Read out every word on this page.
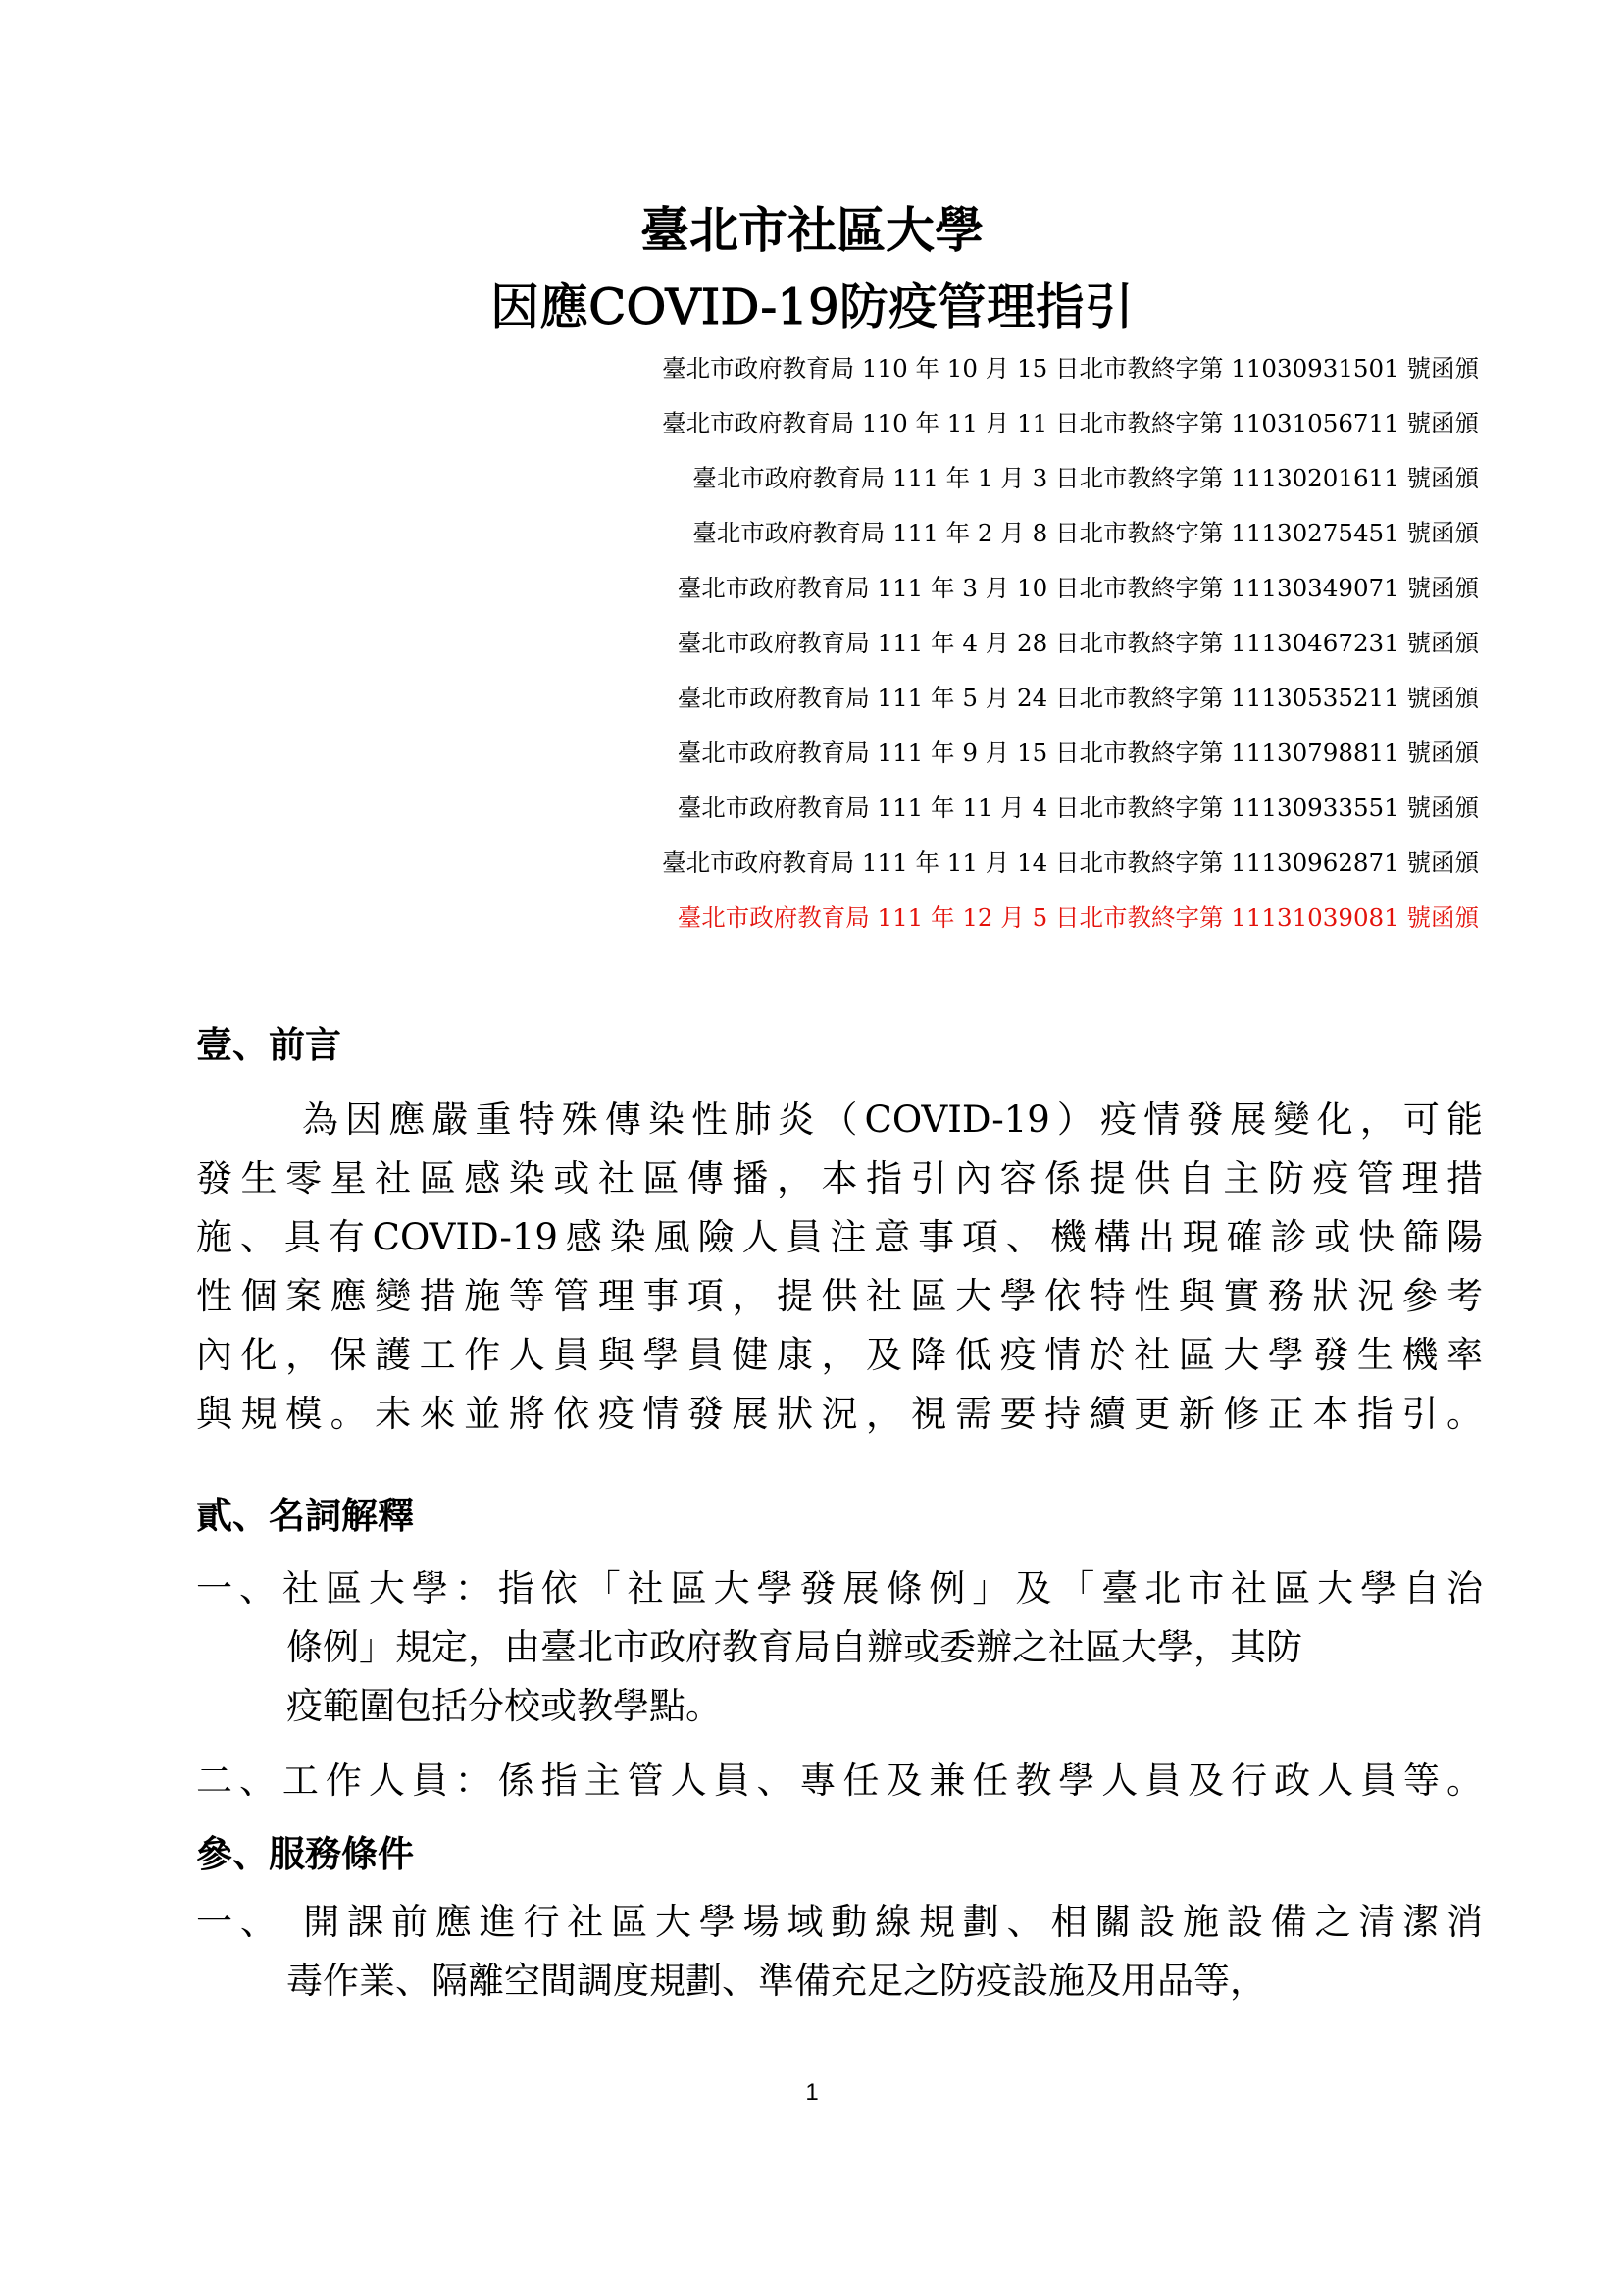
臺北市社區大學
因應COVID-19防疫管理指引
臺北市政府教育局 110 年 10 月 15 日北市教終字第 11030931501 號函頒
臺北市政府教育局 110 年 11 月 11 日北市教終字第 11031056711 號函頒
臺北市政府教育局 111 年 1 月 3 日北市教終字第 11130201611 號函頒
臺北市政府教育局 111 年 2 月 8 日北市教終字第 11130275451 號函頒
臺北市政府教育局 111 年 3 月 10 日北市教終字第 11130349071 號函頒
臺北市政府教育局 111 年 4 月 28 日北市教終字第 11130467231 號函頒
臺北市政府教育局 111 年 5 月 24 日北市教終字第 11130535211 號函頒
臺北市政府教育局 111 年 9 月 15 日北市教終字第 11130798811 號函頒
臺北市政府教育局 111 年 11 月 4 日北市教終字第 11130933551 號函頒
臺北市政府教育局 111 年 11 月 14 日北市教終字第 11130962871 號函頒
臺北市政府教育局 111 年 12 月 5 日北市教終字第 11131039081 號函頒
壹、前言
為因應嚴重特殊傳染性肺炎（COVID-19）疫情發展變化，可能
發生零星社區感染或社區傳播，本指引內容係提供自主防疫管理措
施、具有COVID-19感染風險人員注意事項、機構出現確診或快篩陽
性個案應變措施等管理事項，提供社區大學依特性與實務狀況參考
內化，保護工作人員與學員健康，及降低疫情於社區大學發生機率
與規模。未來並將依疫情發展狀況，視需要持續更新修正本指引。
貳、名詞解釋
一、社區大學：指依「社區大學發展條例」及「臺北市社區大學自治
條例」規定，由臺北市政府教育局自辦或委辦之社區大學，其防
疫範圍包括分校或教學點。
二、工作人員：係指主管人員、專任及兼任教學人員及行政人員等。
參、服務條件
一、 開課前應進行社區大學場域動線規劃、相關設施設備之清潔消
毒作業、隔離空間調度規劃、準備充足之防疫設施及用品等，
1
